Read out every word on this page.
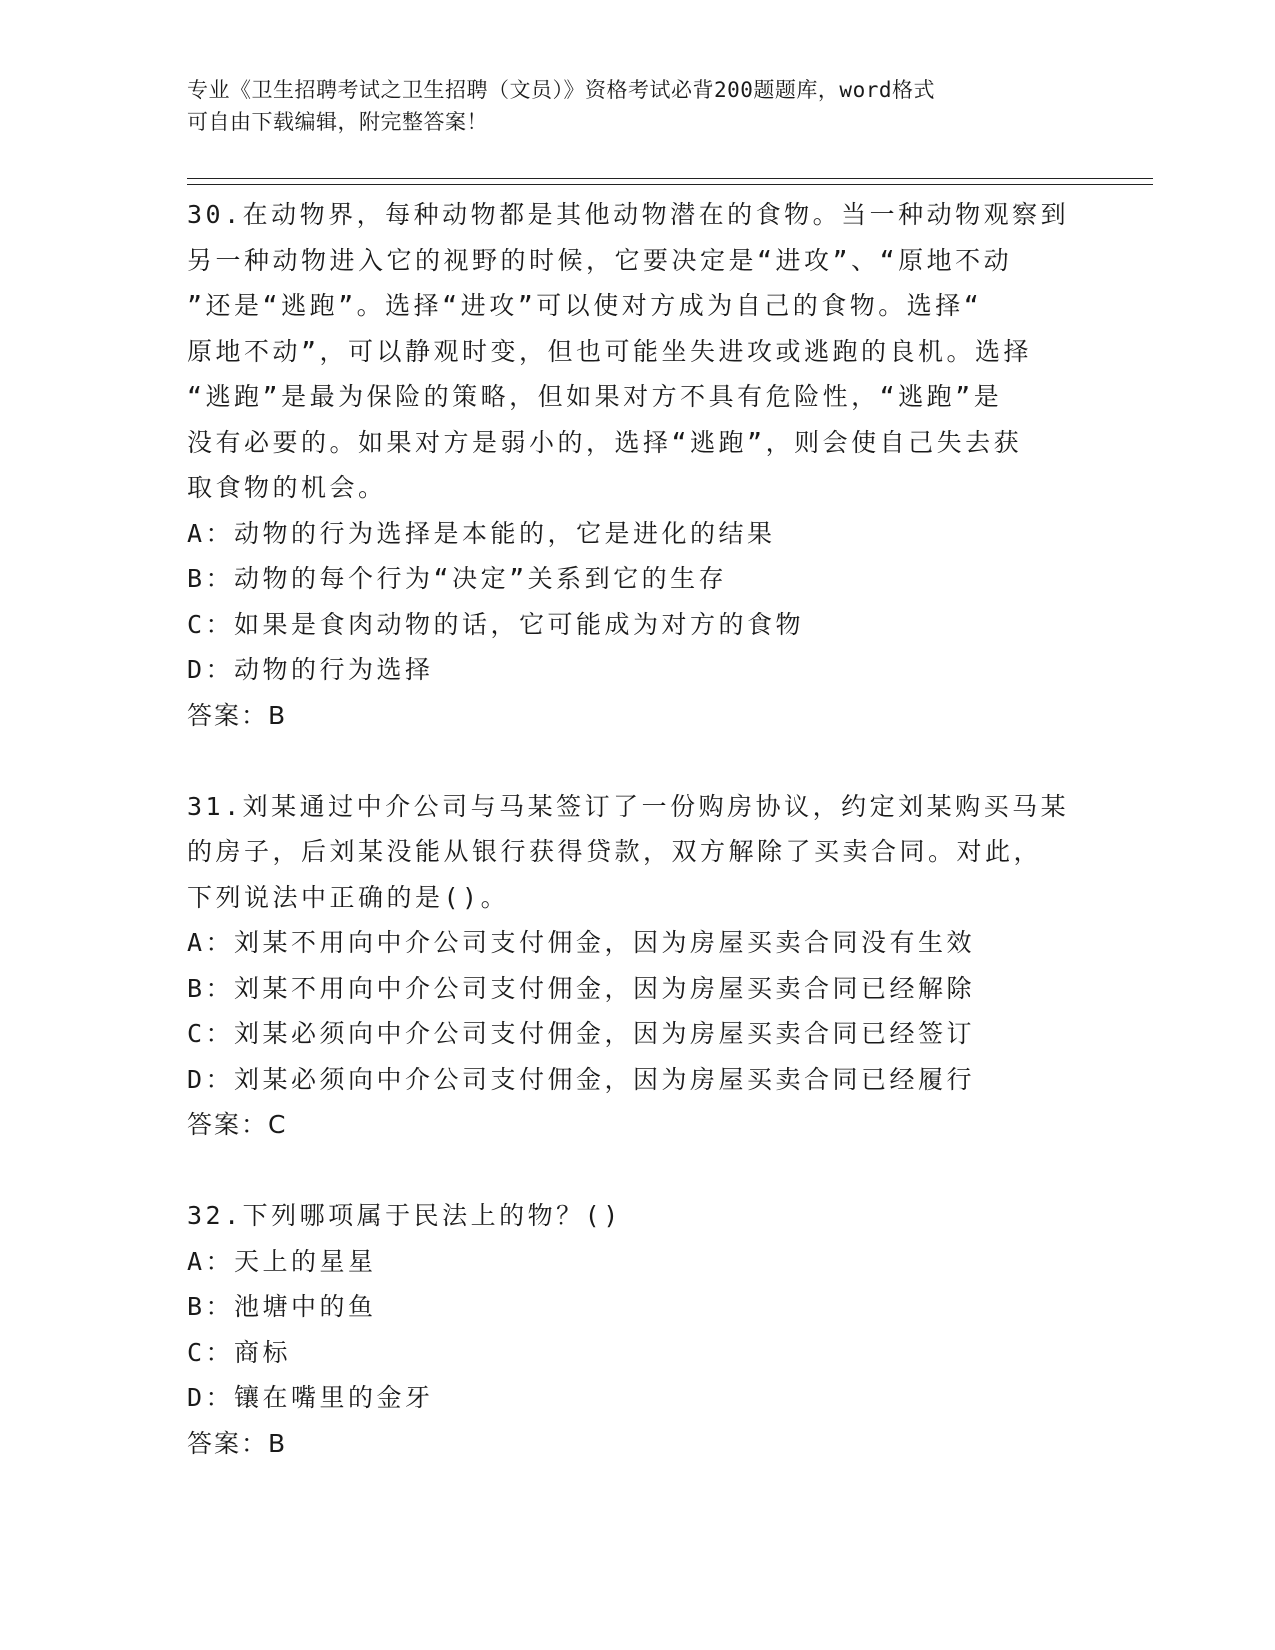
专业《卫生招聘考试之卫生招聘（文员）》资格考试必背200题题库，word格式
可自由下载编辑，附完整答案！
30.在动物界，每种动物都是其他动物潜在的食物。当一种动物观察到
另一种动物进入它的视野的时候，它要决定是“进攻”、“原地不动
”还是“逃跑”。选择“进攻”可以使对方成为自己的食物。选择“
原地不动”，可以静观时变，但也可能坐失进攻或逃跑的良机。选择
“逃跑”是最为保险的策略，但如果对方不具有危险性，“逃跑”是
没有必要的。如果对方是弱小的，选择“逃跑”，则会使自己失去获
取食物的机会。
A：动物的行为选择是本能的，它是进化的结果
B：动物的每个行为“决定”关系到它的生存
C：如果是食肉动物的话，它可能成为对方的食物
D：动物的行为选择
答案：B
31.刘某通过中介公司与马某签订了一份购房协议，约定刘某购买马某
的房子，后刘某没能从银行获得贷款，双方解除了买卖合同。对此，
下列说法中正确的是()。
A：刘某不用向中介公司支付佣金，因为房屋买卖合同没有生效
B：刘某不用向中介公司支付佣金，因为房屋买卖合同已经解除
C：刘某必须向中介公司支付佣金，因为房屋买卖合同已经签订
D：刘某必须向中介公司支付佣金，因为房屋买卖合同已经履行
答案：C
32.下列哪项属于民法上的物？()
A：天上的星星
B：池塘中的鱼
C：商标
D：镶在嘴里的金牙
答案：B
